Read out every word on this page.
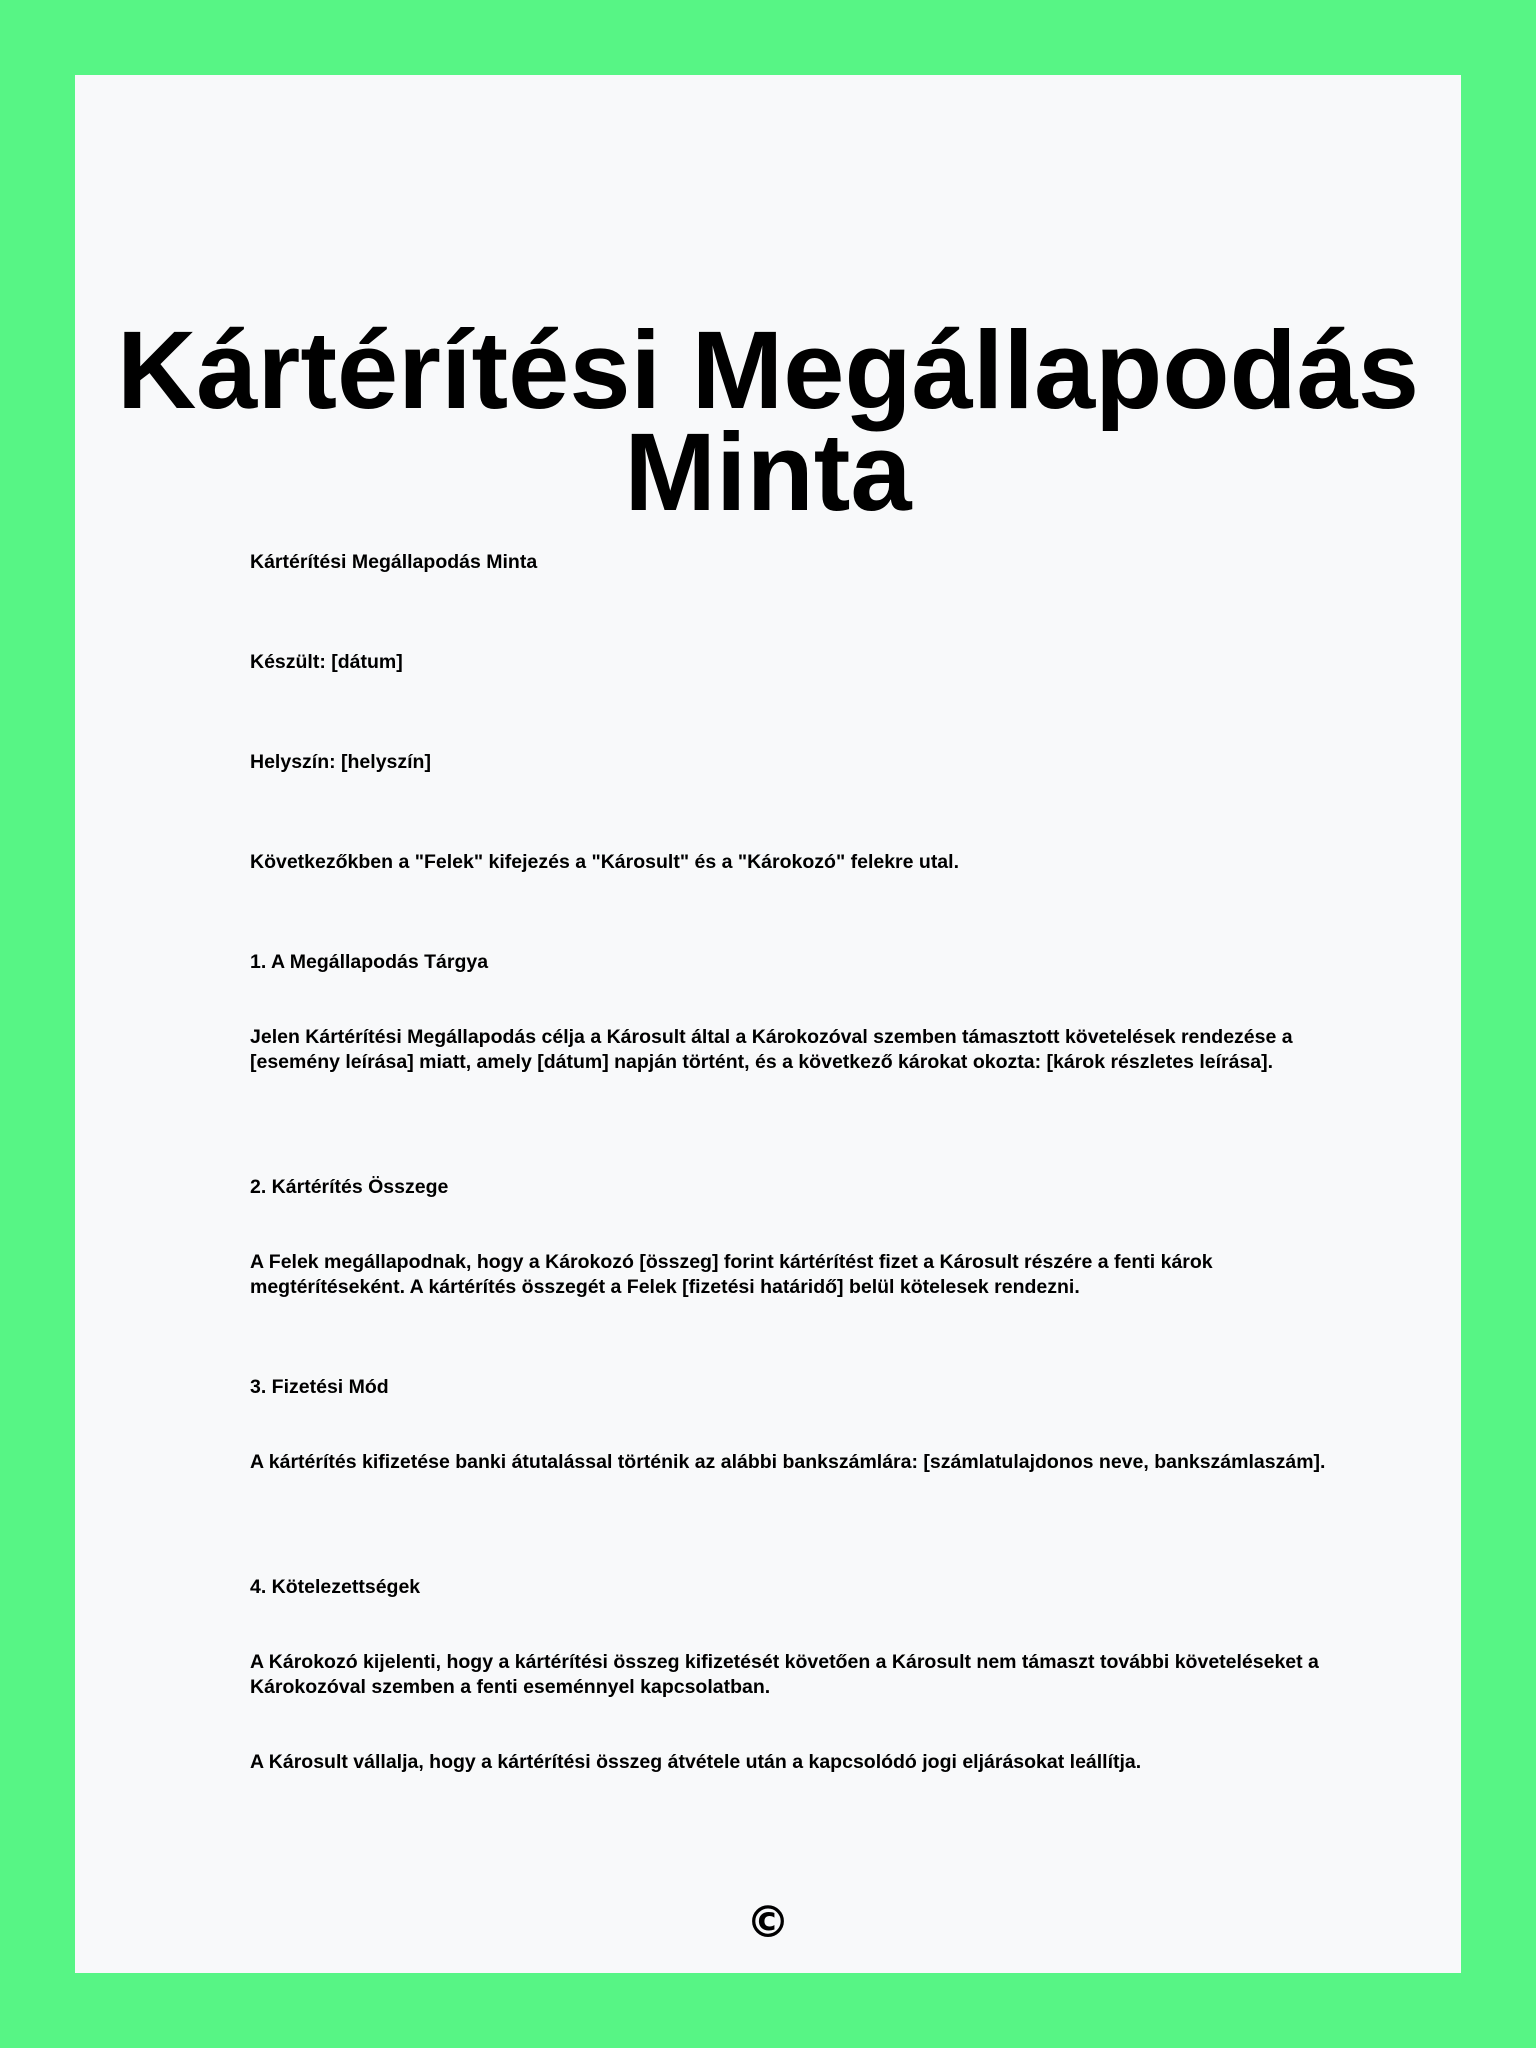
Kártérítési Megállapodás Minta

Kártérítési Megállapodás Minta

Készült: [dátum]

Helyszín: [helyszín]

Következőkben a "Felek" kifejezés a "Károsult" és a "Károkozó" felekre utal.

1. A Megállapodás Tárgya

Jelen Kártérítési Megállapodás célja a Károsult által a Károkozóval szemben támasztott követelések rendezése a [esemény leírása] miatt, amely [dátum] napján történt, és a következő károkat okozta: [károk részletes leírása].

2. Kártérítés Összege

A Felek megállapodnak, hogy a Károkozó [összeg] forint kártérítést fizet a Károsult részére a fenti károk megtérítéseként. A kártérítés összegét a Felek [fizetési határidő] belül kötelesek rendezni.

3. Fizetési Mód

A kártérítés kifizetése banki átutalással történik az alábbi bankszámlára: [számlatulajdonos neve, bankszámlaszám].

4. Kötelezettségek

A Károkozó kijelenti, hogy a kártérítési összeg kifizetését követően a Károsult nem támaszt további követeléseket a Károkozóval szemben a fenti eseménnyel kapcsolatban.

A Károsult vállalja, hogy a kártérítési összeg átvétele után a kapcsolódó jogi eljárásokat leállítja.

©
